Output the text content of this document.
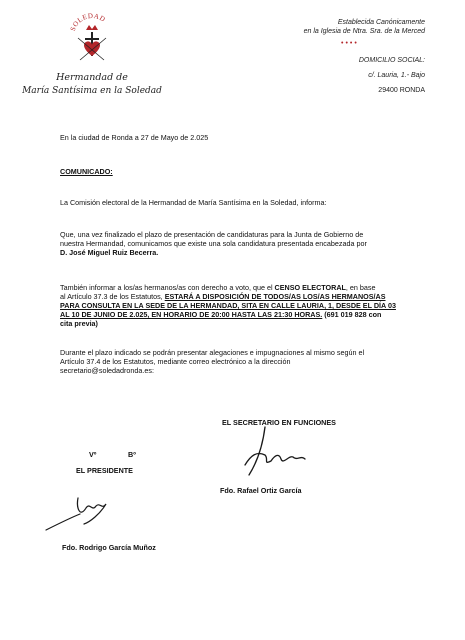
SOLEDAD
Hermandad de
María Santísima en la Soledad
Establecida Canónicamente
en la Iglesia de Ntra. Sra. de la Merced
••••
DOMICILIO SOCIAL:
c/. Lauria, 1.- Bajo
29400 RONDA
En la ciudad de Ronda a 27 de Mayo de 2.025
COMUNICADO:
La Comisión electoral de la Hermandad de María Santísima en la Soledad, informa:
Que, una vez finalizado el plazo de presentación de candidaturas para la Junta de Gobierno de
nuestra Hermandad, comunicamos que existe una sola candidatura presentada encabezada por
D. José Miguel Ruiz Becerra.
También informar a los/as hermanos/as con derecho a voto, que el CENSO ELECTORAL, en base
al Artículo 37.3 de los Estatutos, ESTARÁ A DISPOSICIÓN DE TODOS/AS LOS/AS HERMANOS/AS
PARA CONSULTA EN LA SEDE DE LA HERMANDAD, SITA EN CALLE LAURIA, 1, DESDE EL DÍA 03
AL 10 DE JUNIO DE 2.025, EN HORARIO DE 20:00 HASTA LAS 21:30 HORAS. (691 019 828 con
cita previa)
Durante el plazo indicado se podrán presentar alegaciones e impugnaciones al mismo según el
Artículo 37.4 de los Estatutos, mediante correo electrónico a la dirección
secretario@soledadronda.es:
EL SECRETARIO EN FUNCIONES
Fdo. Rafael Ortiz García
Vº	Bº
EL PRESIDENTE
Fdo. Rodrigo García Muñoz
